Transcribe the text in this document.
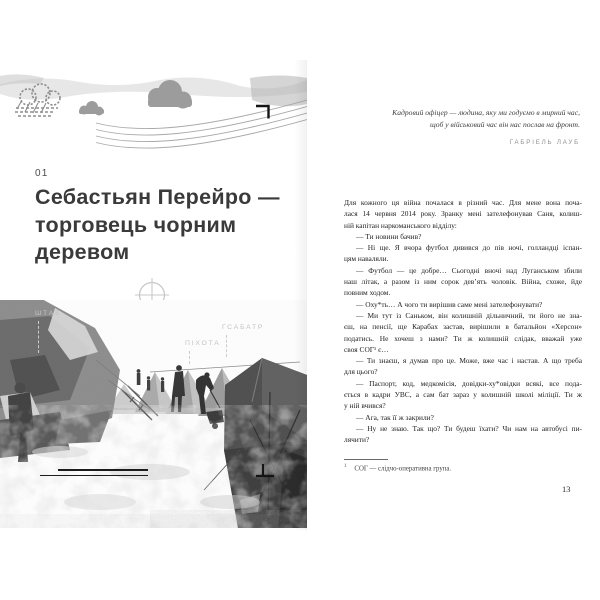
01
Себастьян Перейро —
торговець чорним
деревом
ШТАБ
ПІХОТА
ГСАБАТР
Кадровий офіцер — людина, яку ми годуємо в мирний час,
щоб у військовий час він нас послав на фронт.
ГАБРІЕЛЬ ЛАУБ
Для кожного ця війна почалася в різний час. Для мене вона поча-
лася 14 червня 2014 року. Зранку мені зателефонував Саня, колиш-
ній капітан наркоманського відділу:
— Ти новини бачив?
— Ні ще. Я вчора футбол дивився до пів ночі, голландці іспан-
цям наваляли.
— Футбол — це добре… Сьогодні вночі над Луганськом збили
наш літак, а разом із ним сорок дев’ять чоловік. Війна, схоже, йде
повним ходом.
— Оху*ть… А чого ти вирішив саме мені зателефонувати?
— Ми тут із Саньком, він колишній дільничний, ти його не зна-
єш, на пенсії, ще Карабах застав, вирішили в батальйон «Херсон»
податись. Не хочеш з нами? Ти ж колишній слідак, вважай уже
своя СОГ¹ є…
— Ти знаєш, я думав про це. Може, вже час і настав. А що треба
для цього?
— Паспорт, код, медкомісія, довідки-ху*овідки всякі, все пода-
ється в кадри УВС, а сам бат зараз у колишній школі міліції. Ти ж
у ній вчився?
— Ага, так її ж закрили?
— Ну не знаю. Так що? Ти будеш їхати? Чи нам на автобусі пи-
лячити?
$^1$ СОГ — слідчо-оперативна група.
13
